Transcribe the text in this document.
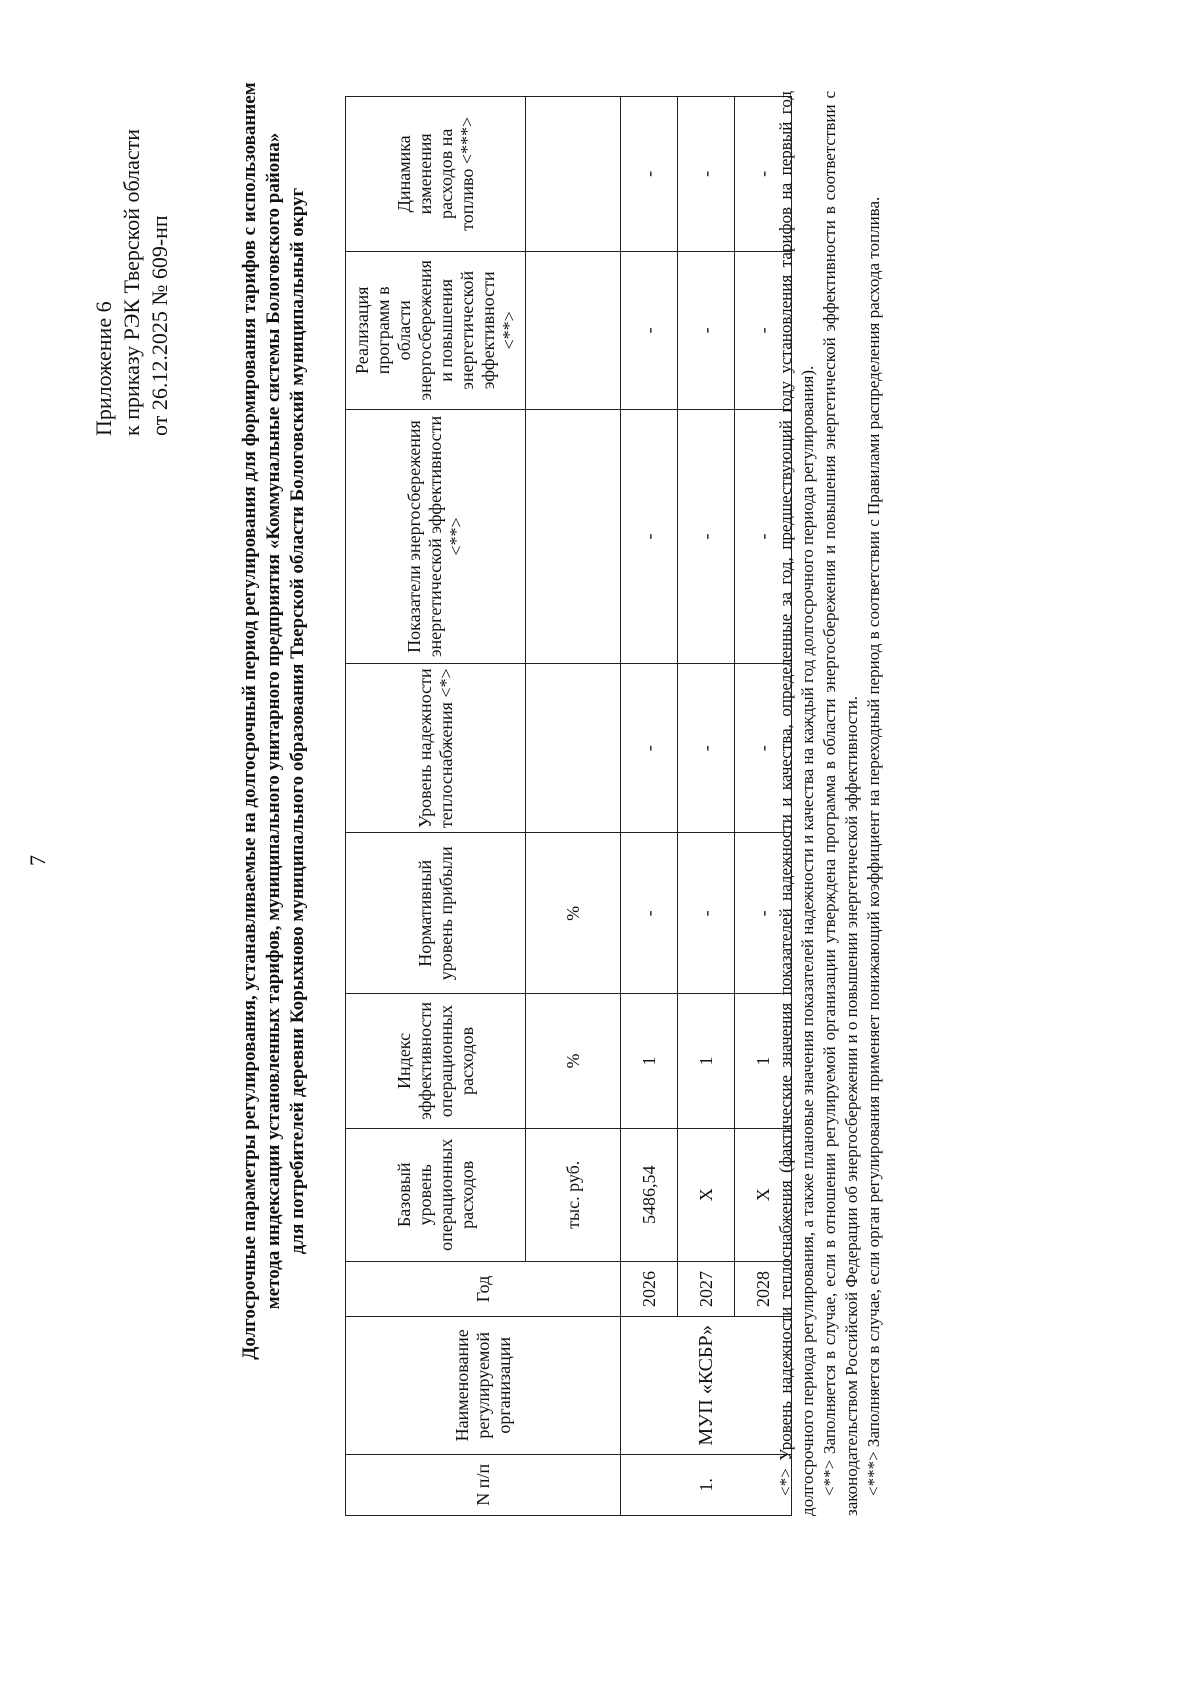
7
Приложение 6 к приказу РЭК Тверской области от 26.12.2025 № 609-нп	Долгосрочные параметры регулирования, устанавливаемые на долгосрочный период регулирования для формирования тарифов с использованием метода индексации установленных тарифов, муниципального унитарного предприятия «Коммунальные системы Бологовского района» для потребителей деревни Корыхново муниципального образования Тверской области Бологовский муниципальный округ
N п/п	Наименование регулируемой организации	Год	Базовый уровень операционных расходов	Индекс эффективности операционных расходов	Нормативный уровень прибыли	Уровень надежности теплоснабжения <*>	Показатели энергосбережения энергетической эффективности <**>	Реализация программ в области энергосбережения и повышения энергетической эффективности <**>	Динамика изменения расходов на топливо <***>
			тыс. руб.	%	%				
1.	МУП «КСБР»	2026	5486,54	1	-	-	-	-	-
		2027	X	1	-	-	-	-	-
		2028	X	1	-	-	-	-	- <*> Уровень надежности теплоснабжения (фактические значения показателей надежности и качества, определенные за год, предшествующий году установления тарифов на первый год долгосрочного периода регулирования, а также плановые значения показателей надежности и качества на каждый год долгосрочного периода регулирования). <**> Заполняется в случае, если в отношении регулируемой организации утверждена программа в области энергосбережения и повышения энергетической эффективности в соответствии с законодательством Российской Федерации об энергосбережении и о повышении энергетической эффективности. <***> Заполняется в случае, если орган регулирования применяет понижающий коэффициент на переходный период в соответствии с Правилами распределения расхода топлива.
